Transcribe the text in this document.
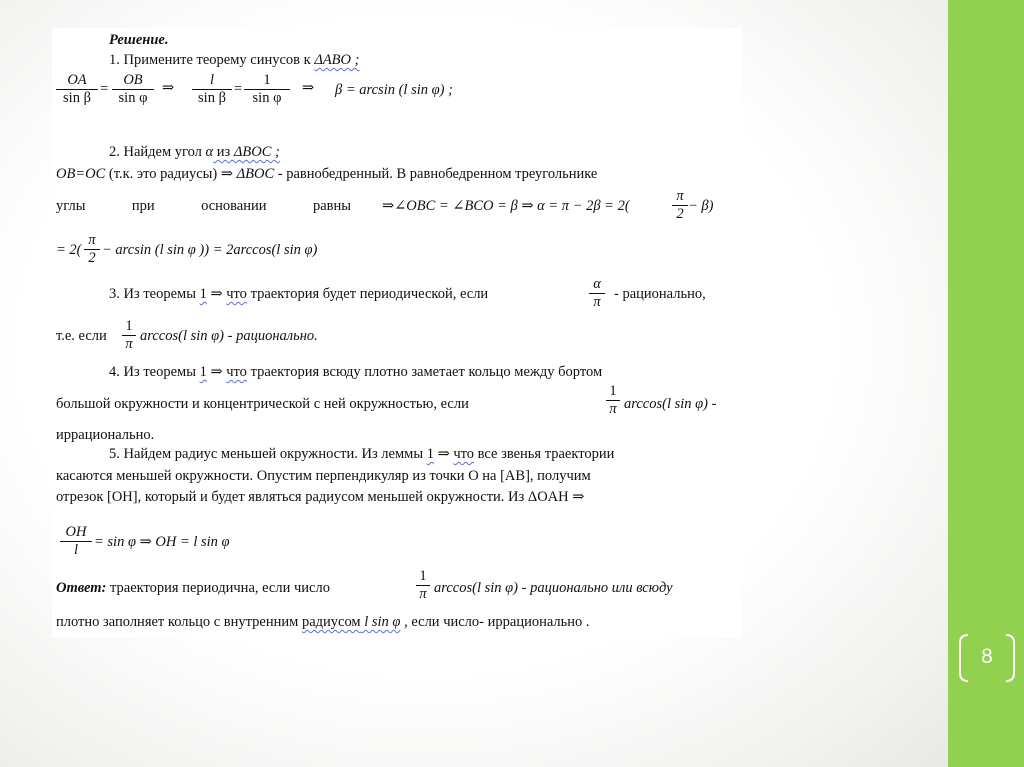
8
Решение.
1. Примените теорему синусов к ΔABO ;
$\frac{OA}{\text{sin β}} = \frac{OB}{\text{sin φ}}$ ⇒ $\frac{l}{\text{sin β}} = \frac{1}{\text{sin φ}}$ ⇒ β = arcsin (l sin φ) ;
2. Найдем угол α из ΔBOC ;
OB=OC (т.к. это радиусы) ⇒ ΔBOC - равнобедренный. В равнобедренном треугольнике
углы	при	основании	равны ⇒∠OBC = ∠BCO = β ⇒ α = π − 2β = 2(	$\frac{\pi}{2} - \beta$)
= $2( \frac{\pi}{2} - \arcsin (l$ sin φ )) = 2arccos(l sin φ)
3. Из теоремы 1 ⇒ что траектория будет периодической, если	$\frac{\alpha}{\pi}$ - рационально,
т.е. если $\frac{1}{\pi} \arccos(l$ sin φ) - рационально.
4. Из теоремы 1 ⇒ что траектория всюду плотно заметает кольцо между бортом
большой окружности и концентрической с ней окружностью, если	$\frac{1}{\pi} \arccos(l$ sin φ) -
иррационально.
5. Найдем радиус меньшей окружности. Из леммы 1 ⇒ что все звенья траектории
касаются меньшей окружности. Опустим перпендикуляр из точки O на [AB], получим
отрезок [OH], который и будет являться радиусом меньшей окружности. Из ΔOAH ⇒
$\frac{OH}{l} = \sin \varphi$ ⇒ OH = l sin φ
Ответ: траектория периодична, если число	$\frac{1}{\pi} \arccos(l$ sin φ) - рационально или всюду
плотно заполняет кольцо с внутренним радиусом l sin φ , если число- иррационально .
